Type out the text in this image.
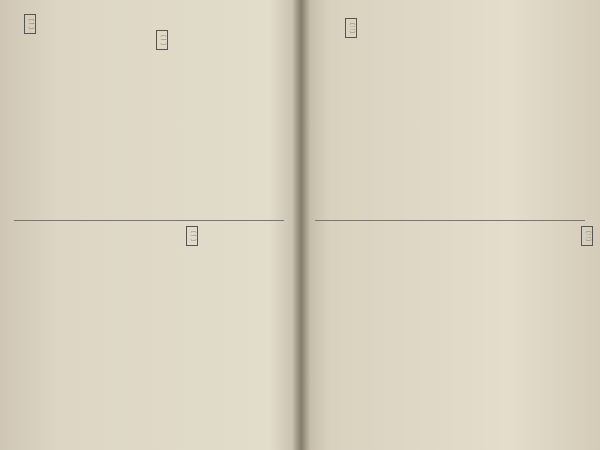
〔一〕
〔一〕
〔一〕
〔二〕
〔二〕
